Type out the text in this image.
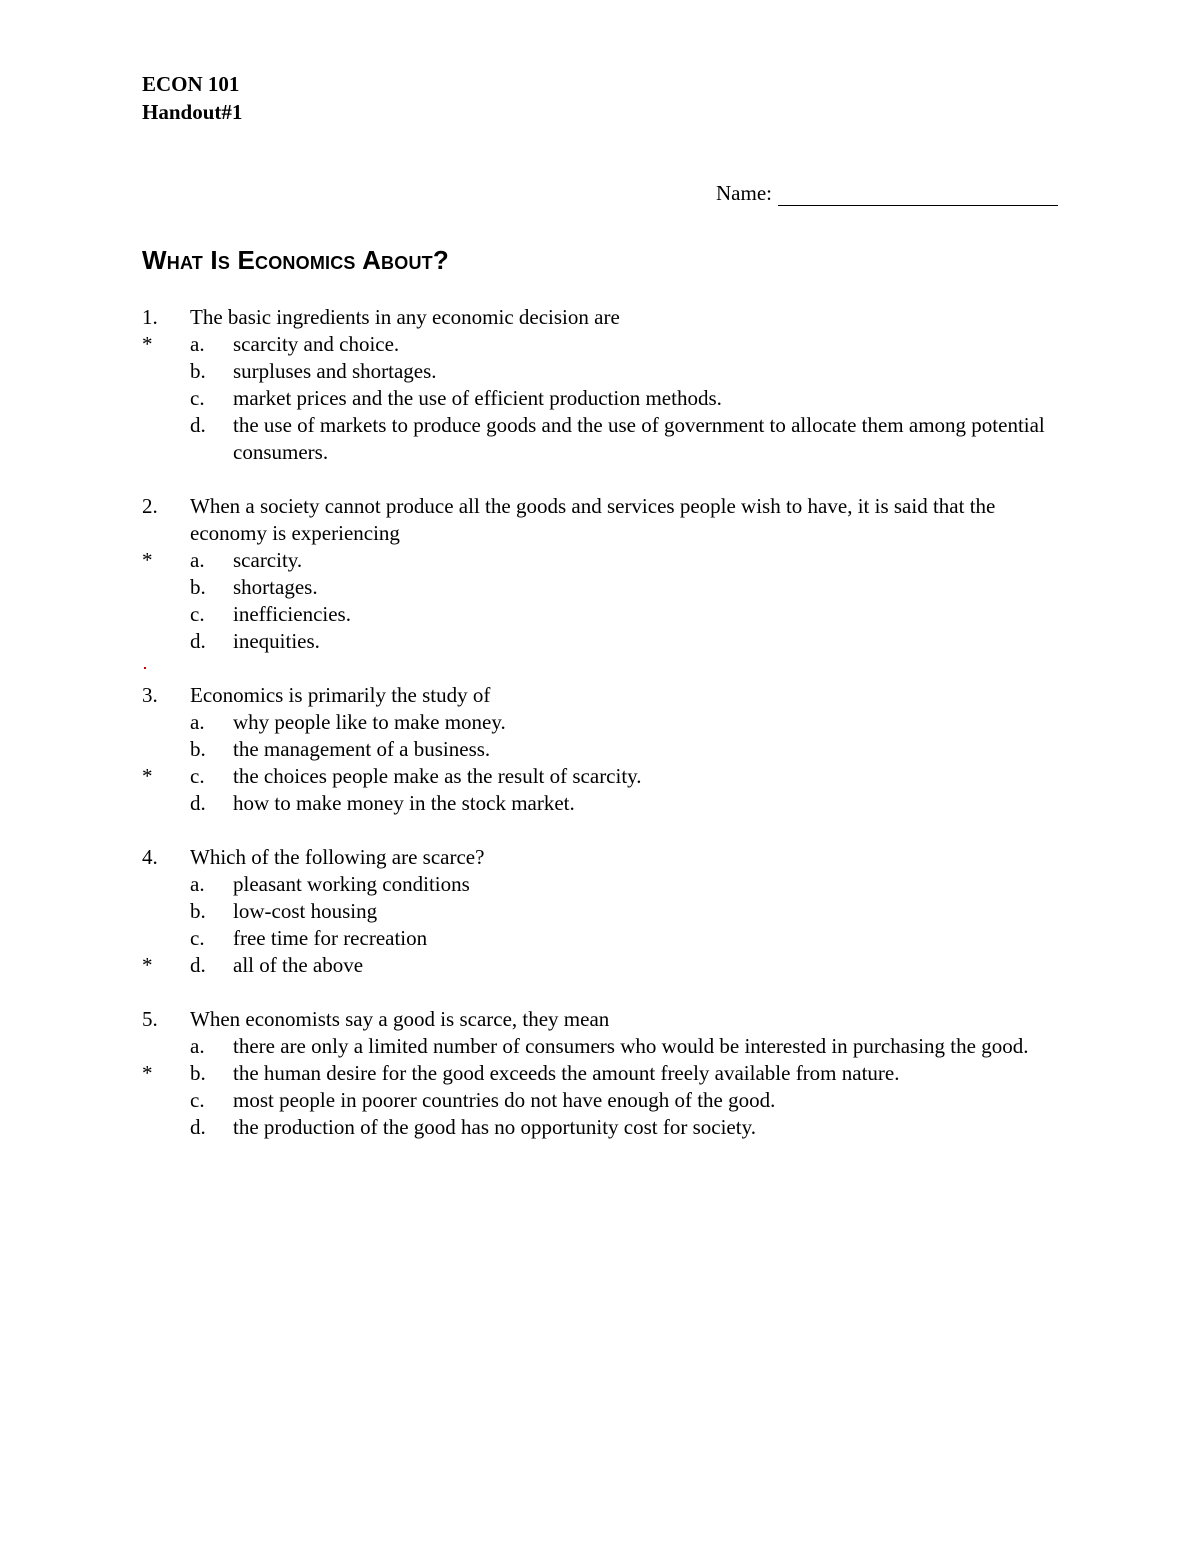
ECON 101
Handout#1
Name:
What Is Economics About?
1. The basic ingredients in any economic decision are
* a. scarcity and choice.
b. surpluses and shortages.
c. market prices and the use of efficient production methods.
d. the use of markets to produce goods and the use of government to allocate them among potential consumers.
2. When a society cannot produce all the goods and services people wish to have, it is said that the economy is experiencing
* a. scarcity.
b. shortages.
c. inefficiencies.
d. inequities.
3. Economics is primarily the study of
a. why people like to make money.
b. the management of a business.
* c. the choices people make as the result of scarcity.
d. how to make money in the stock market.
4. Which of the following are scarce?
a. pleasant working conditions
b. low-cost housing
c. free time for recreation
* d. all of the above
5. When economists say a good is scarce, they mean
a. there are only a limited number of consumers who would be interested in purchasing the good.
* b. the human desire for the good exceeds the amount freely available from nature.
c. most people in poorer countries do not have enough of the good.
d. the production of the good has no opportunity cost for society.
